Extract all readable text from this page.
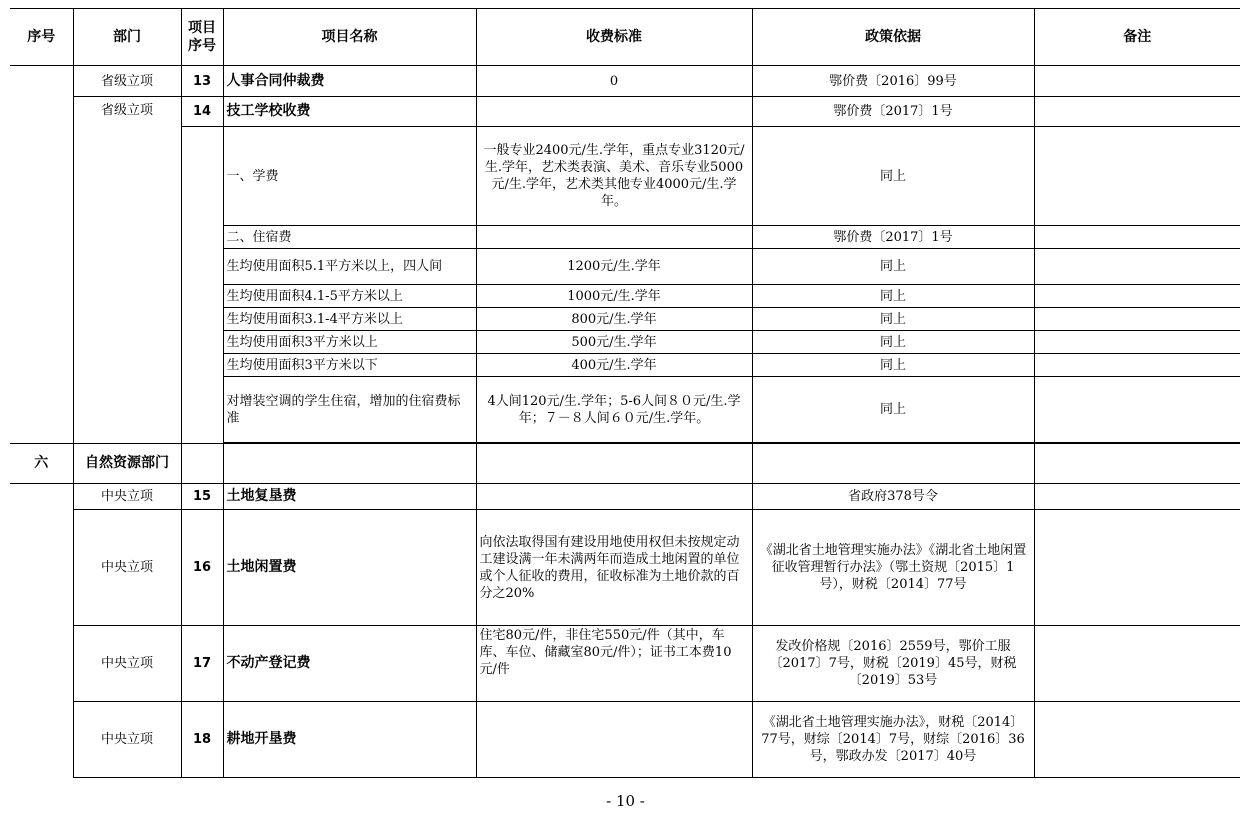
序号	部门	项目序号	项目名称	收费标准	政策依据	备注
	省级立项	13	人事合同仲裁费	0	鄂价费〔2016〕99号	
	省级立项	14	技工学校收费		鄂价费〔2017〕1号	
			一、学费	一般专业2400元/生.学年，重点专业3120元/生.学年，艺术类表演、美术、音乐专业5000元/生.学年，艺术类其他专业4000元/生.学年。	同上	
			二、住宿费		鄂价费〔2017〕1号	
			生均使用面积5.1平方米以上，四人间	1200元/生.学年	同上	
			生均使用面积4.1-5平方米以上	1000元/生.学年	同上	
			生均使用面积3.1-4平方米以上	800元/生.学年	同上	
			生均使用面积3平方米以上	500元/生.学年	同上	
			生均使用面积3平方米以下	400元/生.学年	同上	
			对增装空调的学生住宿，增加的住宿费标准	4人间120元/生.学年；5-6人间８０元/生.学年；７－８人间６０元/生.学年。	同上	

六	自然资源部门					
	中央立项	15	土地复垦费		省政府378号令	
	中央立项	16	土地闲置费	向依法取得国有建设用地使用权但未按规定动工建设满一年未满两年而造成土地闲置的单位或个人征收的费用，征收标准为土地价款的百分之20%	《湖北省土地管理实施办法》《湖北省土地闲置征收管理暂行办法》（鄂土资规〔2015〕1号），财税〔2014〕77号	
	中央立项	17	不动产登记费	住宅80元/件，非住宅550元/件（其中，车库、车位、储藏室80元/件）；证书工本费10元/件	发改价格规〔2016〕2559号，鄂价工服〔2017〕7号，财税〔2019〕45号，财税〔2019〕53号	
	中央立项	18	耕地开垦费		《湖北省土地管理实施办法》，财税〔2014〕77号，财综〔2014〕7号，财综〔2016〕36号，鄂政办发〔2017〕40号	
- 10 -
